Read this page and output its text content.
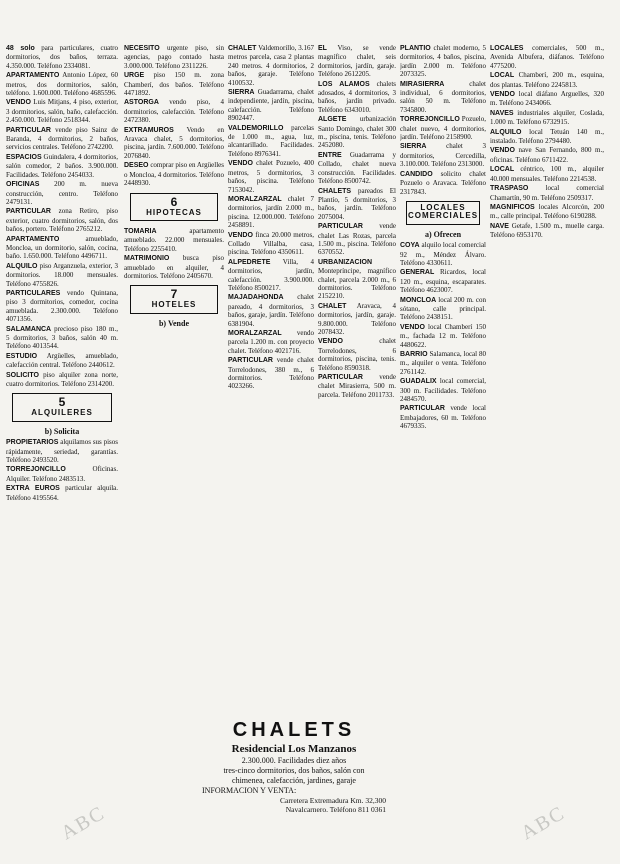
48 solo para particulares, cuatro dormitorios, dos baños, terraza. 4.350.000. Teléfono 2334081.
APARTAMENTO Antonio López, 60 metros, dos dormitorios, salón, teléfono. 1.600.000. Teléfono 4685596.
VENDO Luis Mitjans, 4 piso, exterior, 3 dormitorios, salón, baño, calefacción. 2.450.000. Teléfono 2518344.
PARTICULAR vende piso Sainz de Baranda, 4 dormitorios, 2 baños, servicios centrales. Teléfono 2742200.
ESPACIOS Guindalera, 4 dormitorios, salón comedor, 2 baños. 3.900.000. Facilidades. Teléfono 2454033.
OFICINAS 200 m. nueva construcción, centro. Teléfono 2479131.
PARTICULAR zona Retiro, piso exterior, cuatro dormitorios, salón, dos baños, portero. Teléfono 2765212.
APARTAMENTO	amueblado, Moncloa, un dormitorio, salón, cocina, baño. 1.650.000. Teléfono 4496711.
ALQUILO piso Arganzuela, exterior, 3 dormitorios. 18.000 mensuales. Teléfono 4755826.
PARTICULARES vendo Quintana, piso 3 dormitorios, comedor, cocina amueblada. 2.300.000. Teléfono 4071356.
SALAMANCA precioso piso 180 m., 5 dormitorios, 3 baños, salón 40 m. Teléfono 4013544.
ESTUDIO Argüelles, amueblado, calefacción central. Teléfono 2440612.
SOLICITO piso alquiler zona norte, cuatro dormitorios. Teléfono 2314200.
5
ALQUILERES
b) Solicita
PROPIETARIOS alquilamos sus pisos rápidamente, seriedad, garantías. Teléfono 2493520.
TORREJONCILLO	Oficinas. Alquiler. Teléfono 2483513.
EXTRA EUROS particular alquila. Teléfono 4195564.
NECESITO urgente piso, sin agencias, pago contado hasta 3.000.000. Teléfono 2311226.
URGE piso 150 m. zona Chamberí, dos baños. Teléfono 4471892.
ASTORGA vendo piso, 4 dormitorios, calefacción. Teléfono 2472380.
EXTRAMUROS Vendo en Aravaca chalet, 5 dormitorios, piscina, jardín. 7.600.000. Teléfono 2076840.
DESEO comprar piso en Argüelles o Moncloa, 4 dormitorios. Teléfono 2448930.
6
HIPOTECAS
TOMARIA	apartamento amueblado. 22.000 mensuales. Teléfono 2255410.
MATRIMONIO busca piso amueblado en alquiler, 4 dormitorios. Teléfono 2405670.
7
HOTELES
b) Vende
CHALET Valdemorillo, 3.167 metros parcela, casa 2 plantas 240 metros. 4 dormitorios, 2 baños, garaje. Teléfono 4100532.
SIERRA Guadarrama, chalet independiente, jardín, piscina, calefacción. Teléfono 8902447.
VALDEMORILLO parcelas de 1.000 m., agua, luz, alcantarillado. Facilidades. Teléfono 8976341.
VENDO chalet Pozuelo, 400 metros, 5 dormitorios, 3 baños, piscina. Teléfono 7153042.
MORALZARZAL chalet 7 dormitorios, jardín 2.000 m., piscina. 12.000.000. Teléfono 2458891.
VENDO finca 20.000 metros, Collado Villalba, casa, piscina. Teléfono 4350611.
ALPEDRETE Villa, 4 dormitorios, jardín, calefacción. 3.900.000. Teléfono 8500217.
MAJADAHONDA chalet pareado, 4 dormitorios, 3 baños, garaje, jardín. Teléfono 6381904.
MORALZARZAL vendo parcela 1.200 m. con proyecto chalet. Teléfono 4021716.
PARTICULAR vende chalet Torrelodones, 380 m., 6 dormitorios. Teléfono 4023266.
EL Viso, se vende magnífico chalet, seis dormitorios, jardín, garaje. Teléfono 2612205.
LOS ALAMOS chalets adosados, 4 dormitorios, 3 baños, jardín privado. Teléfono 6343010.
ALGETE urbanización Santo Domingo, chalet 300 m., piscina, tenis. Teléfono 2452080.
ENTRE Guadarrama y Collado, chalet nueva construcción. Facilidades. Teléfono 8500742.
CHALETS pareados El Plantío, 5 dormitorios, 3 baños, jardín. Teléfono 2075004.
PARTICULAR vende chalet Las Rozas, parcela 1.500 m., piscina. Teléfono 6370552.
URBANIZACION Montepríncipe, magnífico chalet, parcela 2.000 m., 6 dormitorios. Teléfono 2152210.
CHALET Aravaca, 4 dormitorios, jardín, garaje. 9.800.000. Teléfono 2078432.
VENDO	chalet Torrelodones, 6 dormitorios, piscina, tenis. Teléfono 8590318.
PARTICULAR vende chalet Mirasierra, 500 m. parcela. Teléfono 2011733.
PLANTIO chalet moderno, 5 dormitorios, 4 baños, piscina, jardín 2.000 m. Teléfono 2073325.
MIRASIERRA	chalet individual, 6 dormitorios, salón 50 m. Teléfono 7345800.
TORREJONCILLO Pozuelo, chalet nuevo, 4 dormitorios, jardín. Teléfono 2158900.
SIERRA	chalet 3 dormitorios, Cercedilla, 3.100.000. Teléfono 2313000.
CANDIDO solicito chalet Pozuelo o Aravaca. Teléfono 2317843.
LOCALES COMERCIALES
a) Ofrecen
COYA alquilo local comercial 92 m., Méndez Álvaro. Teléfono 4330611.
GENERAL Ricardos, local 120 m., esquina, escaparates. Teléfono 4623007.
MONCLOA local 200 m. con sótano, calle principal. Teléfono 2438151.
VENDO local Chamberí 150 m., fachada 12 m. Teléfono 4480622.
BARRIO Salamanca, local 80 m., alquiler o venta. Teléfono 2761142.
GUADALIX local comercial, 300 m. Facilidades. Teléfono 2484570.
PARTICULAR vende local Embajadores, 60 m. Teléfono 4679335.
LOCALES comerciales, 500 m., Avenida Albufera, diáfanos. Teléfono 4775200.
LOCAL Chamberí, 200 m., esquina, dos plantas. Teléfono 2245813.
VENDO local diáfano Arguelles, 320 m. Teléfono 2434066.
NAVES industriales alquiler, Coslada, 1.000 m. Teléfono 6732915.
ALQUILO local Tetuán 140 m., instalado. Teléfono 2794480.
VENDO nave San Fernando, 800 m., oficinas. Teléfono 6711422.
LOCAL céntrico, 100 m., alquiler 40.000 mensuales. Teléfono 2214538.
TRASPASO local comercial Chamartín, 90 m. Teléfono 2509317.
MAGNIFICOS locales Alcorcón, 200 m., calle principal. Teléfono 6190288.
NAVE Getafe, 1.500 m., muelle carga. Teléfono 6953170.
CHALETS
Residencial Los Manzanos
2.300.000. Facilidades diez años
tres-cinco dormitorios, dos baños, salón con
chimenea, calefacción, jardines, garaje
INFORMACION Y VENTA:
Carretera Extremadura Km. 32,300
Navalcarnero. Teléfono 811 0361
ABC	ABC
